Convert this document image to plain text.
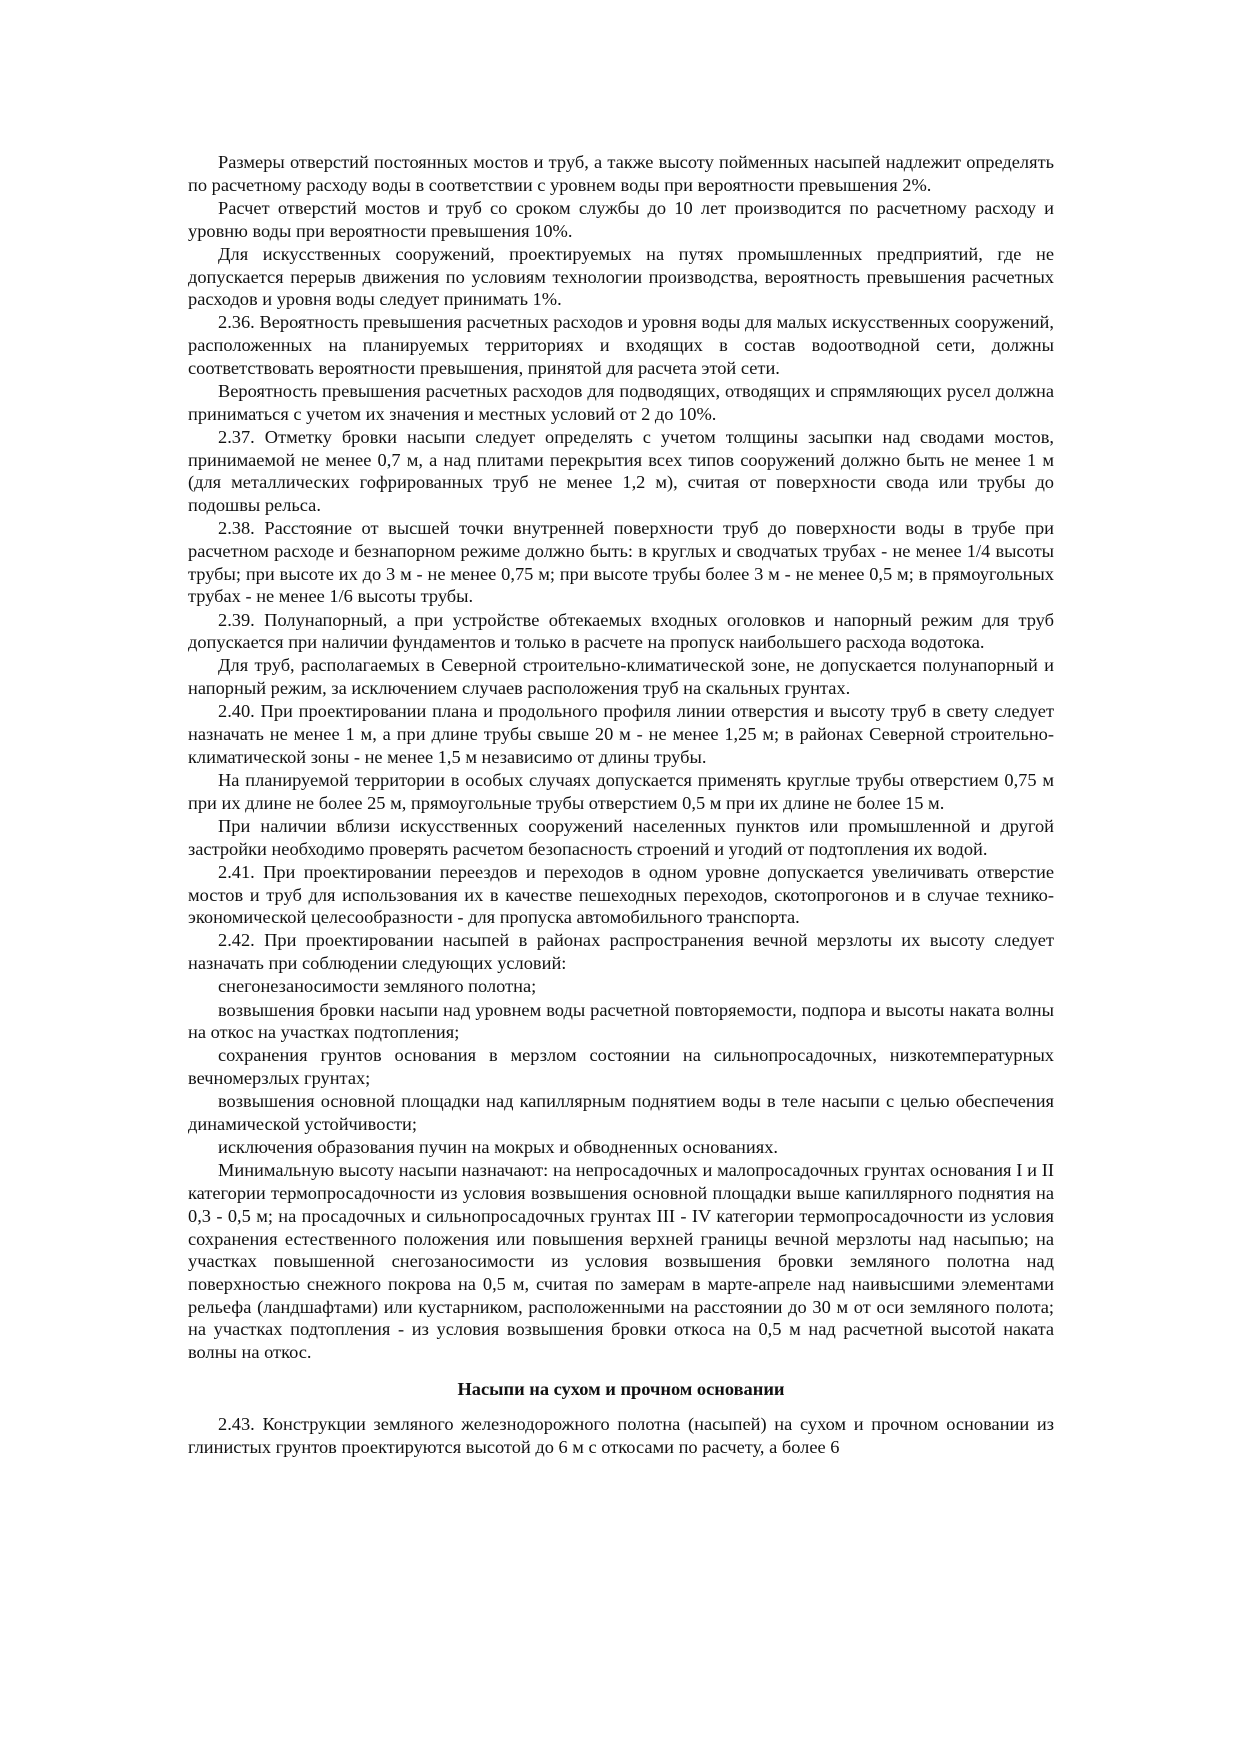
Размеры отверстий постоянных мостов и труб, а также высоту пойменных насыпей надлежит определять по расчетному расходу воды в соответствии с уровнем воды при вероятности превышения 2%.

Расчет отверстий мостов и труб со сроком службы до 10 лет производится по расчетному расходу и уровню воды при вероятности превышения 10%.

Для искусственных сооружений, проектируемых на путях промышленных предприятий, где не допускается перерыв движения по условиям технологии производства, вероятность превышения расчетных расходов и уровня воды следует принимать 1%.

2.36. Вероятность превышения расчетных расходов и уровня воды для малых искусственных сооружений, расположенных на планируемых территориях и входящих в состав водоотводной сети, должны соответствовать вероятности превышения, принятой для расчета этой сети.

Вероятность превышения расчетных расходов для подводящих, отводящих и спрямляющих русел должна приниматься с учетом их значения и местных условий от 2 до 10%.

2.37. Отметку бровки насыпи следует определять с учетом толщины засыпки над сводами мостов, принимаемой не менее 0,7 м, а над плитами перекрытия всех типов сооружений должно быть не менее 1 м (для металлических гофрированных труб не менее 1,2 м), считая от поверхности свода или трубы до подошвы рельса.

2.38. Расстояние от высшей точки внутренней поверхности труб до поверхности воды в трубе при расчетном расходе и безнапорном режиме должно быть: в круглых и сводчатых трубах - не менее 1/4 высоты трубы; при высоте их до 3 м - не менее 0,75 м; при высоте трубы более 3 м - не менее 0,5 м; в прямоугольных трубах - не менее 1/6 высоты трубы.

2.39. Полунапорный, а при устройстве обтекаемых входных оголовков и напорный режим для труб допускается при наличии фундаментов и только в расчете на пропуск наибольшего расхода водотока.

Для труб, располагаемых в Северной строительно-климатической зоне, не допускается полунапорный и напорный режим, за исключением случаев расположения труб на скальных грунтах.

2.40. При проектировании плана и продольного профиля линии отверстия и высоту труб в свету следует назначать не менее 1 м, а при длине трубы свыше 20 м - не менее 1,25 м; в районах Северной строительно-климатической зоны - не менее 1,5 м независимо от длины трубы.

На планируемой территории в особых случаях допускается применять круглые трубы отверстием 0,75 м при их длине не более 25 м, прямоугольные трубы отверстием 0,5 м при их длине не более 15 м.

При наличии вблизи искусственных сооружений населенных пунктов или промышленной и другой застройки необходимо проверять расчетом безопасность строений и угодий от подтопления их водой.

2.41. При проектировании переездов и переходов в одном уровне допускается увеличивать отверстие мостов и труб для использования их в качестве пешеходных переходов, скотопрогонов и в случае технико-экономической целесообразности - для пропуска автомобильного транспорта.

2.42. При проектировании насыпей в районах распространения вечной мерзлоты их высоту следует назначать при соблюдении следующих условий:

снегонезаносимости земляного полотна;

возвышения бровки насыпи над уровнем воды расчетной повторяемости, подпора и высоты наката волны на откос на участках подтопления;

сохранения грунтов основания в мерзлом состоянии на сильнопросадочных, низкотемпературных вечномерзлых грунтах;

возвышения основной площадки над капиллярным поднятием воды в теле насыпи с целью обеспечения динамической устойчивости;

исключения образования пучин на мокрых и обводненных основаниях.

Минимальную высоту насыпи назначают: на непросадочных и малопросадочных грунтах основания I и II категории термопросадочности из условия возвышения основной площадки выше капиллярного поднятия на 0,3 - 0,5 м; на просадочных и сильнопросадочных грунтах III - IV категории термопросадочности из условия сохранения естественного положения или повышения верхней границы вечной мерзлоты над насыпью; на участках повышенной снегозаносимости из условия возвышения бровки земляного полотна над поверхностью снежного покрова на 0,5 м, считая по замерам в марте-апреле над наивысшими элементами рельефа (ландшафтами) или кустарником, расположенными на расстоянии до 30 м от оси земляного полота; на участках подтопления - из условия возвышения бровки откоса на 0,5 м над расчетной высотой наката волны на откос.

Насыпи на сухом и прочном основании

2.43. Конструкции земляного железнодорожного полотна (насыпей) на сухом и прочном основании из глинистых грунтов проектируются высотой до 6 м с откосами по расчету, а более 6
